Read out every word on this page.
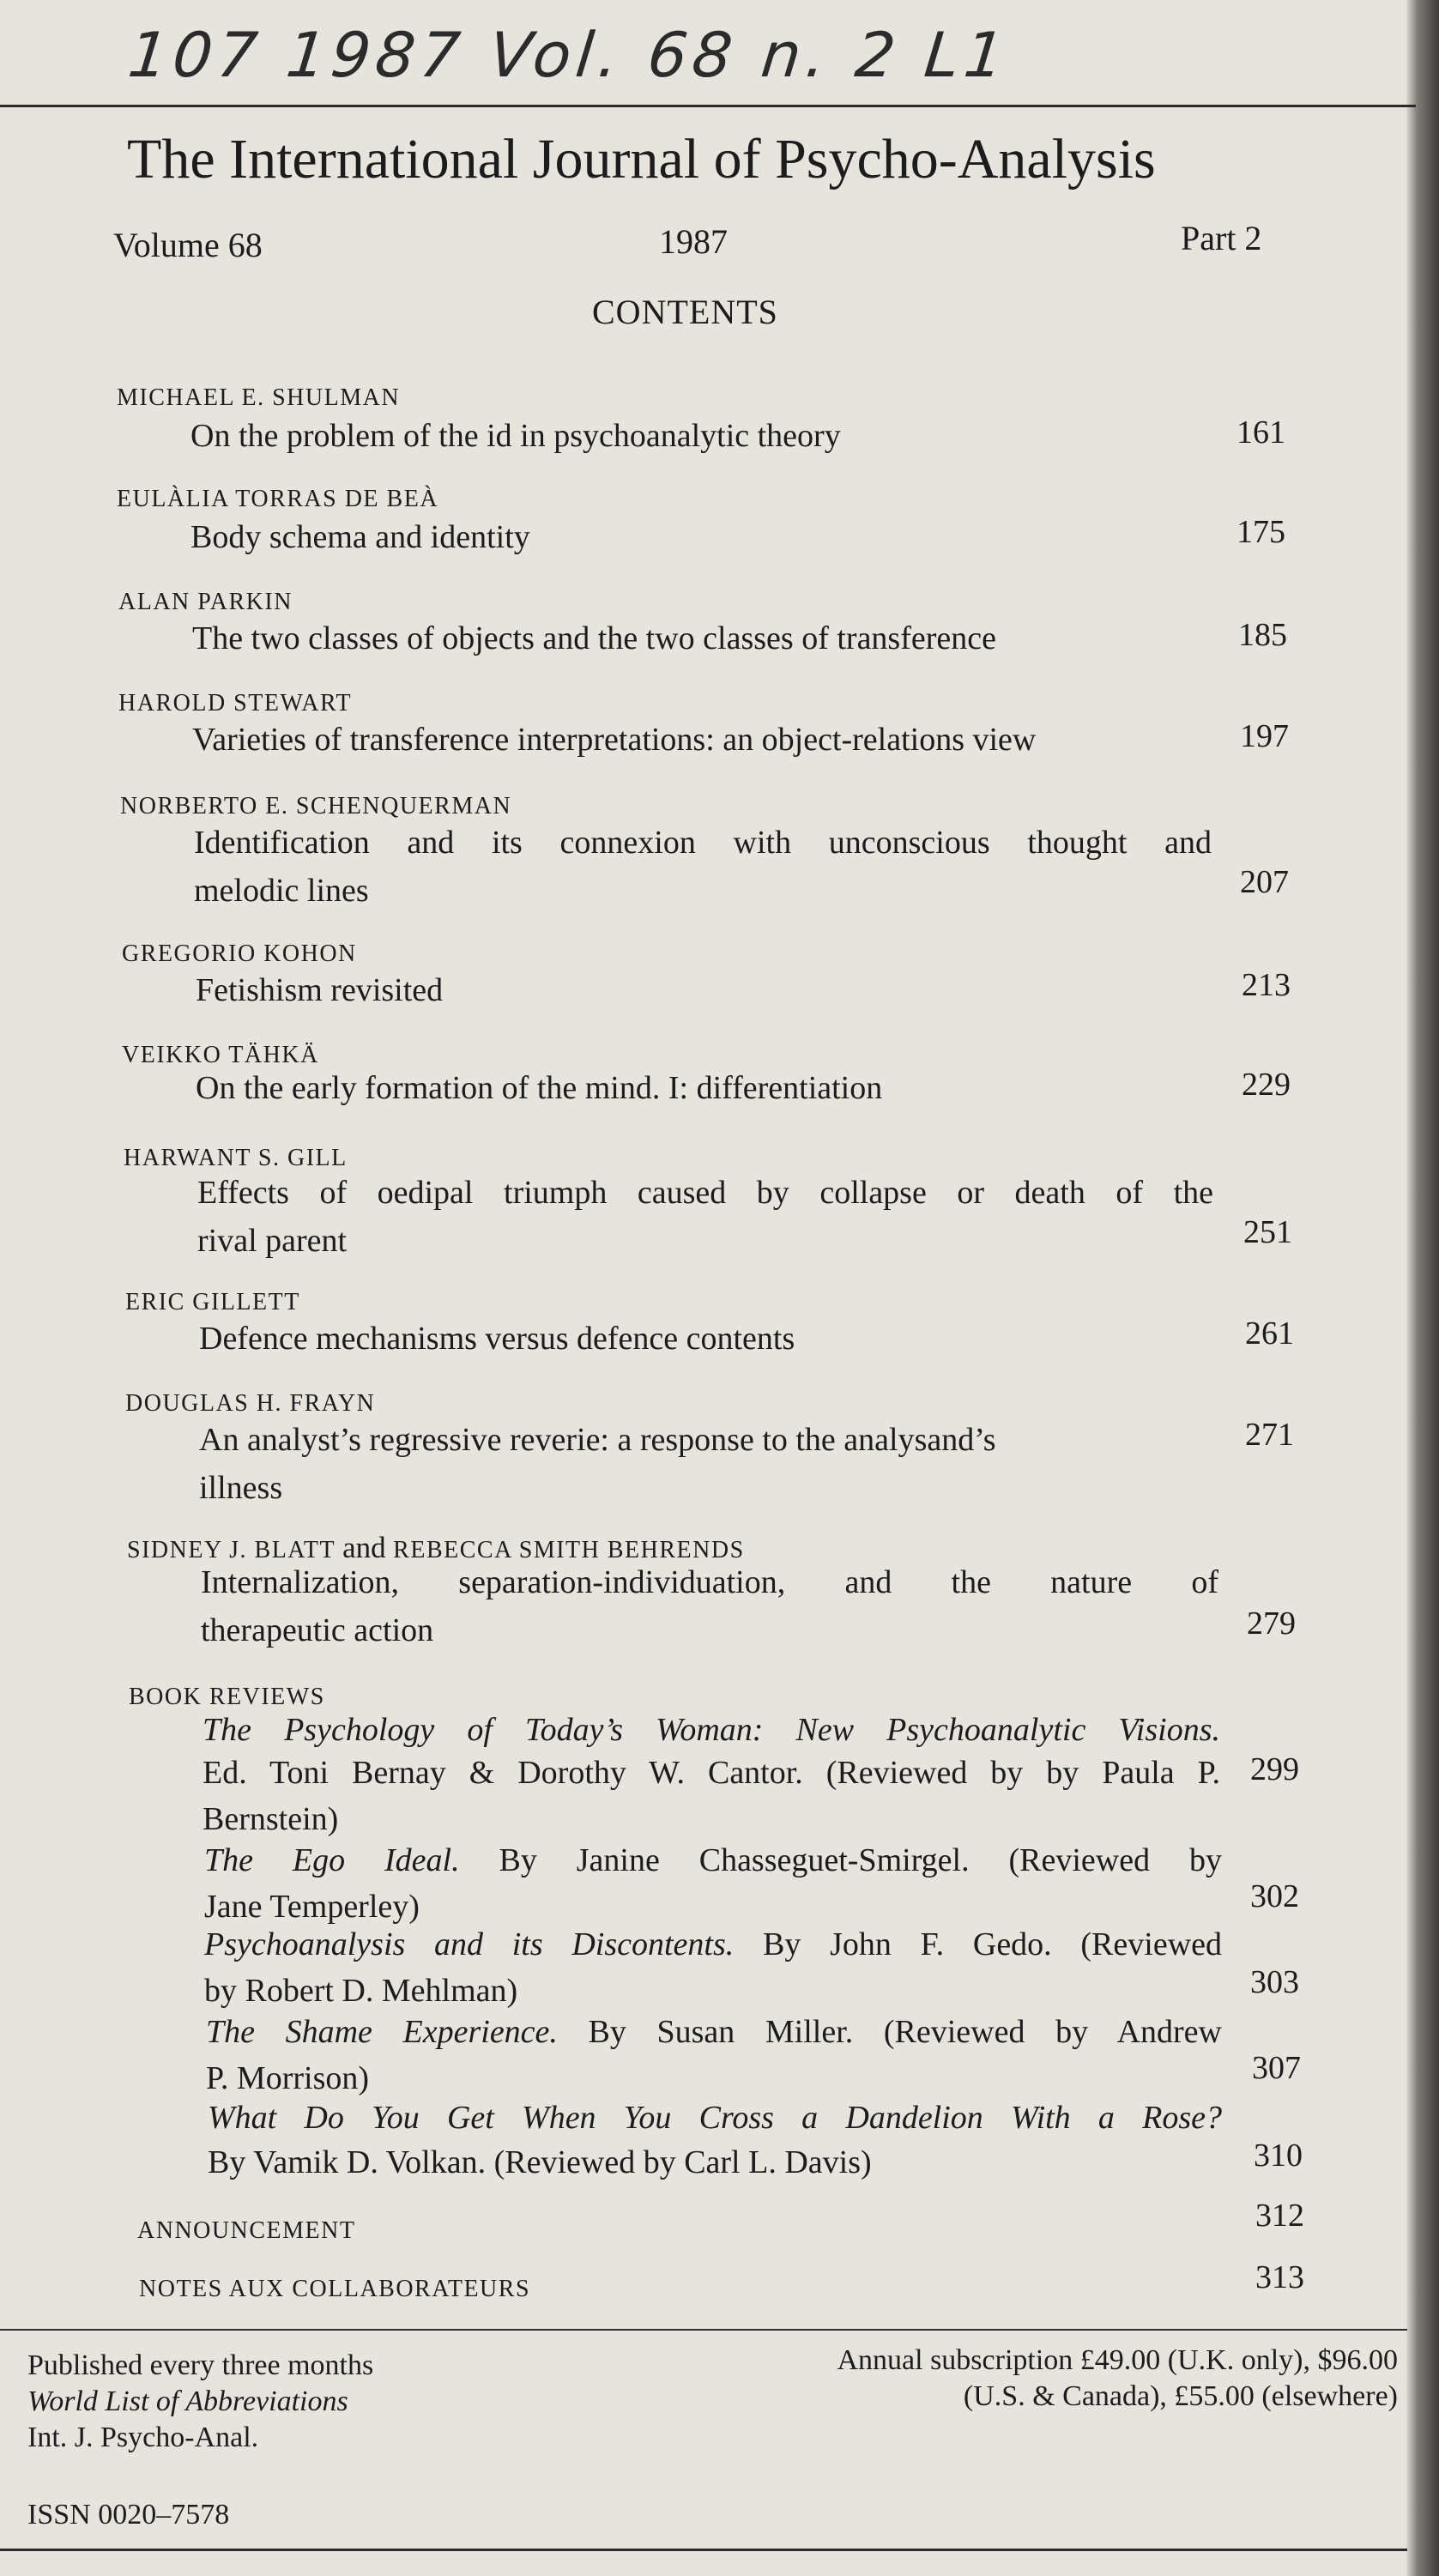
107 1987 Vol. 68 n. 2 L1
The International Journal of Psycho-Analysis
Volume 68	1987	Part 2
CONTENTS
MICHAEL E. SHULMAN
On the problem of the id in psychoanalytic theory	161
EULÀLIA TORRAS DE BEÀ
Body schema and identity	175
ALAN PARKIN
The two classes of objects and the two classes of transference	185
HAROLD STEWART
Varieties of transference interpretations: an object-relations view	197
NORBERTO E. SCHENQUERMAN
Identification and its connexion with unconscious thought and
melodic lines	207
GREGORIO KOHON
Fetishism revisited	213
VEIKKO TÄHKÄ
On the early formation of the mind. I: differentiation	229
HARWANT S. GILL
Effects of oedipal triumph caused by collapse or death of the
rival parent	251
ERIC GILLETT
Defence mechanisms versus defence contents	261
DOUGLAS H. FRAYN
An analyst’s regressive reverie: a response to the analysand’s
illness
271
SIDNEY J. BLATT and REBECCA SMITH BEHRENDS
Internalization, separation-individuation, and the nature of
therapeutic action	279
BOOK REVIEWS
The Psychology of Today’s Woman: New Psychoanalytic Visions.
Ed. Toni Bernay & Dorothy W. Cantor. (Reviewed by by Paula P.
Bernstein)
299
The Ego Ideal. By Janine Chasseguet-Smirgel. (Reviewed by
Jane Temperley)	302
Psychoanalysis and its Discontents. By John F. Gedo. (Reviewed
by Robert D. Mehlman)	303
The Shame Experience. By Susan Miller. (Reviewed by Andrew
P. Morrison)	307
What Do You Get When You Cross a Dandelion With a Rose?
By Vamik D. Volkan. (Reviewed by Carl L. Davis)	310
ANNOUNCEMENT	312
NOTES AUX COLLABORATEURS	313
Published every three months
World List of Abbreviations
Int. J. Psycho-Anal.
ISSN 0020–7578
Annual subscription £49.00 (U.K. only), $96.00
(U.S. & Canada), £55.00 (elsewhere)
